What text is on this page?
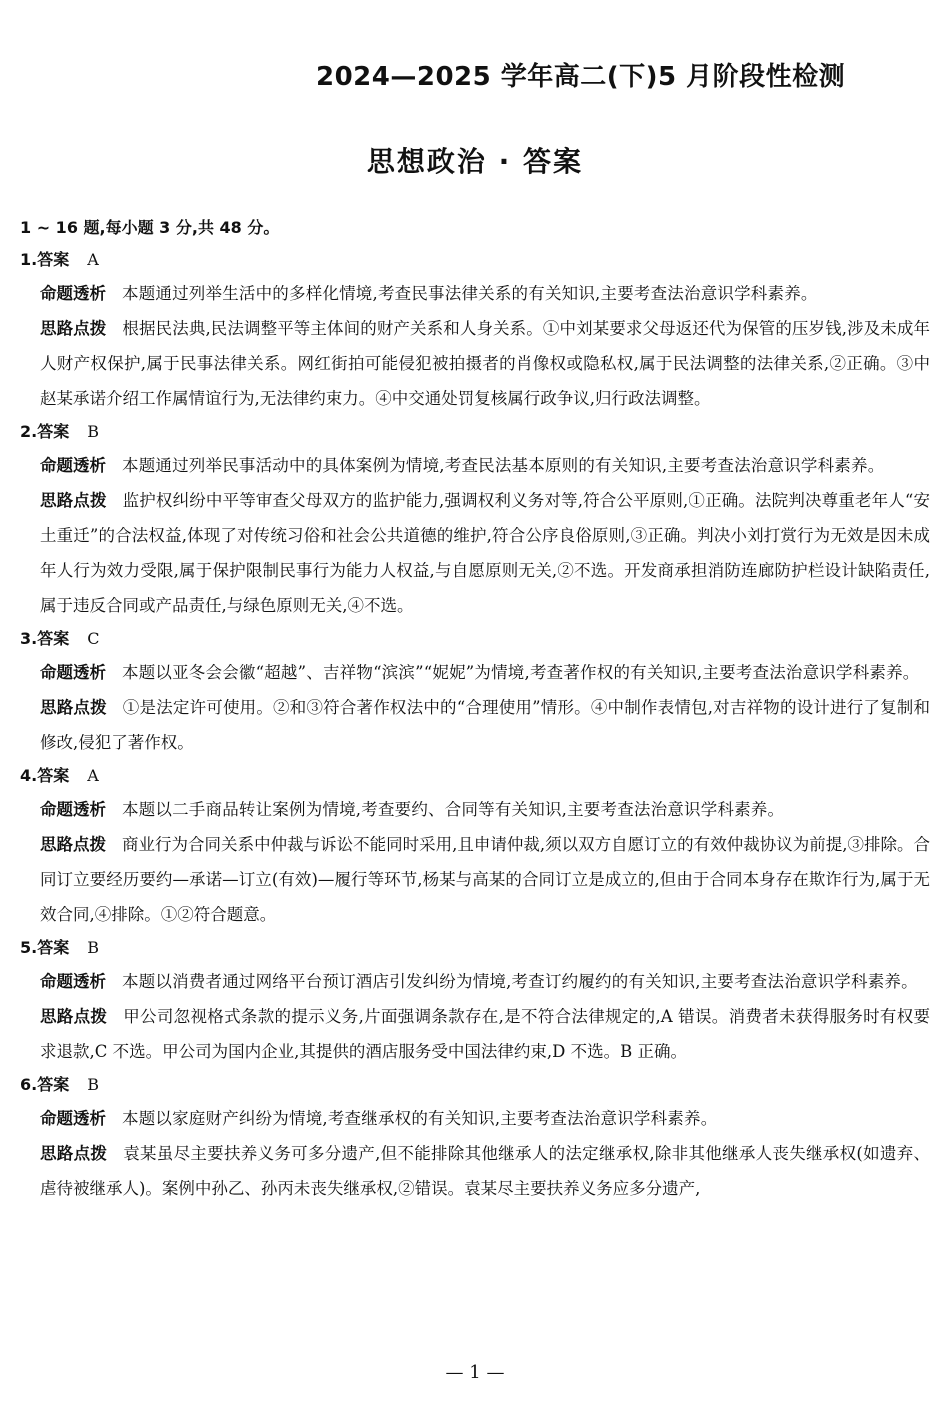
2024—2025 学年高二(下)5 月阶段性检测
思想政治 · 答案
1 ~ 16 题,每小题 3 分,共 48 分。
1.答案 A
命题透析 本题通过列举生活中的多样化情境,考查民事法律关系的有关知识,主要考查法治意识学科素养。
思路点拨 根据民法典,民法调整平等主体间的财产关系和人身关系。①中刘某要求父母返还代为保管的压岁钱,涉及未成年人财产权保护,属于民事法律关系。网红街拍可能侵犯被拍摄者的肖像权或隐私权,属于民法调整的法律关系,②正确。③中赵某承诺介绍工作属情谊行为,无法律约束力。④中交通处罚复核属行政争议,归行政法调整。
2.答案 B
命题透析 本题通过列举民事活动中的具体案例为情境,考查民法基本原则的有关知识,主要考查法治意识学科素养。
思路点拨 监护权纠纷中平等审查父母双方的监护能力,强调权利义务对等,符合公平原则,①正确。法院判决尊重老年人“安土重迁”的合法权益,体现了对传统习俗和社会公共道德的维护,符合公序良俗原则,③正确。判决小刘打赏行为无效是因未成年人行为效力受限,属于保护限制民事行为能力人权益,与自愿原则无关,②不选。开发商承担消防连廊防护栏设计缺陷责任,属于违反合同或产品责任,与绿色原则无关,④不选。
3.答案 C
命题透析 本题以亚冬会会徽“超越”、吉祥物“滨滨”“妮妮”为情境,考查著作权的有关知识,主要考查法治意识学科素养。
思路点拨 ①是法定许可使用。②和③符合著作权法中的“合理使用”情形。④中制作表情包,对吉祥物的设计进行了复制和修改,侵犯了著作权。
4.答案 A
命题透析 本题以二手商品转让案例为情境,考查要约、合同等有关知识,主要考查法治意识学科素养。
思路点拨 商业行为合同关系中仲裁与诉讼不能同时采用,且申请仲裁,须以双方自愿订立的有效仲裁协议为前提,③排除。合同订立要经历要约—承诺—订立(有效)—履行等环节,杨某与高某的合同订立是成立的,但由于合同本身存在欺诈行为,属于无效合同,④排除。①②符合题意。
5.答案 B
命题透析 本题以消费者通过网络平台预订酒店引发纠纷为情境,考查订约履约的有关知识,主要考查法治意识学科素养。
思路点拨 甲公司忽视格式条款的提示义务,片面强调条款存在,是不符合法律规定的,A 错误。消费者未获得服务时有权要求退款,C 不选。甲公司为国内企业,其提供的酒店服务受中国法律约束,D 不选。B 正确。
6.答案 B
命题透析 本题以家庭财产纠纷为情境,考查继承权的有关知识,主要考查法治意识学科素养。
思路点拨 袁某虽尽主要扶养义务可多分遗产,但不能排除其他继承人的法定继承权,除非其他继承人丧失继承权(如遗弃、虐待被继承人)。案例中孙乙、孙丙未丧失继承权,②错误。袁某尽主要扶养义务应多分遗产,
— 1 —
